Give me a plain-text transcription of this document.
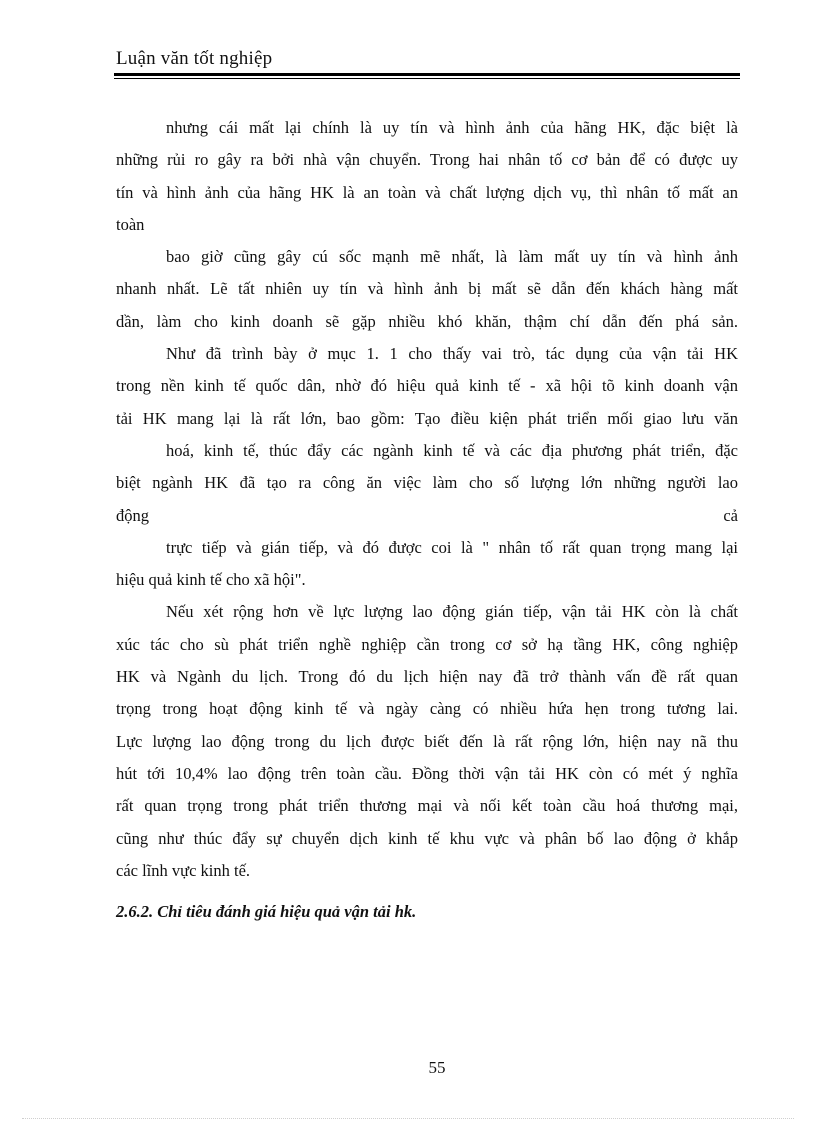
Luận văn tốt nghiệp
nhưng cái mất lại chính là uy tín và hình ảnh của hãng HK, đặc biệt là
những rủi ro gây ra bởi nhà vận chuyển. Trong hai nhân tố cơ bản để có được uy
tín và hình ảnh của hãng HK là an toàn và chất lượng dịch vụ, thì nhân tố mất an
toàn
bao giờ cũng gây cú sốc mạnh mẽ nhất, là làm mất uy tín và hình ảnh
nhanh nhất. Lẽ tất nhiên uy tín và hình ảnh bị mất sẽ dẫn đến khách hàng mất
dần, làm cho kinh doanh sẽ gặp nhiều khó khăn, thậm chí dẫn đến phá sản.
Như đã trình bày ở mục 1. 1 cho thấy vai trò, tác dụng của vận tải HK
trong nền kinh tế quốc dân, nhờ đó hiệu quả kinh tế - xã hội tõ kinh doanh vận
tải HK mang lại là rất lớn, bao gồm: Tạo điều kiện phát triển mối giao lưu văn
hoá, kinh tế, thúc đẩy các ngành kinh tế và các địa phương phát triển, đặc
biệt ngành HK đã tạo ra công ăn việc làm cho số lượng lớn những người lao
động cả
trực tiếp và gián tiếp, và đó được coi là " nhân tố rất quan trọng mang lại
hiệu quả kinh tế cho xã hội".
Nếu xét rộng hơn về lực lượng lao động gián tiếp, vận tải HK còn là chất
xúc tác cho sù phát triển nghề nghiệp cần trong cơ sở hạ tầng HK, công nghiệp
HK và Ngành du lịch. Trong đó du lịch hiện nay đã trở thành vấn đề rất quan
trọng trong hoạt động kinh tế và ngày càng có nhiều hứa hẹn trong tương lai.
Lực lượng lao động trong du lịch được biết đến là rất rộng lớn, hiện nay nã thu
hút tới 10,4% lao động trên toàn cầu. Đồng thời vận tải HK còn có mét ý nghĩa
rất quan trọng trong phát triển thương mại và nối kết toàn cầu hoá thương mại,
cũng như thúc đẩy sự chuyển dịch kinh tế khu vực và phân bố lao động ở khắp
các lĩnh vực kinh tế.
2.6.2. Chỉ tiêu đánh giá hiệu quả vận tải hk.
55
